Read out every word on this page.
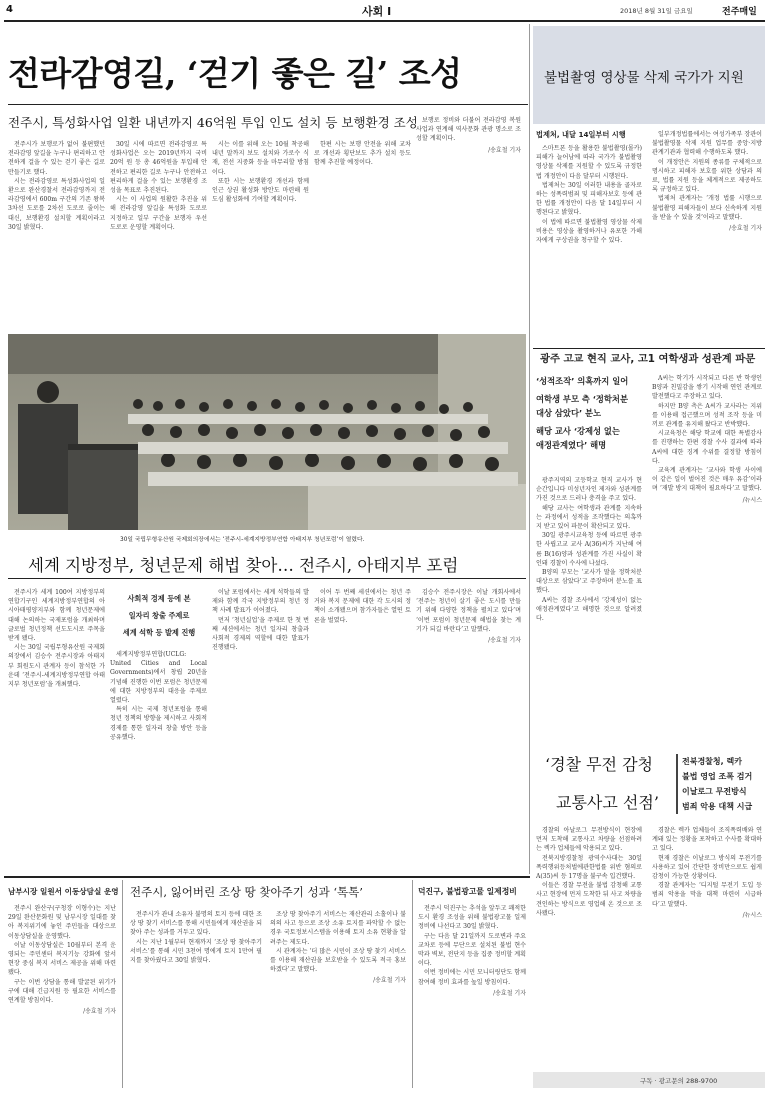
4	사회 I	2018년 8월 31일 금요일	전주매일
전라감영길, ‘걷기 좋은 길’ 조성
전주시, 특성화사업 일환 내년까지 46억원 투입 인도 설치 등 보행환경 조성

전주시가 보행로가 없어 불편했던 전라감영 앞길을 누구나 편리하고 안전하게 걸을 수 있는 걷기 좋은 길로 만들기로 했다.

시는 전라감영로 특성화사업의 일환으로 완산경찰서 전라감영까지 전라감영에서 600m 구간의 기존 왕복 3차선 도로를 2차선 도로로 줄이는 대신, 보행환경 설치할 계획이라고 30일 밝혔다.

30일 시에 따르면 전라감영로 특성화사업은 오는 2019년까지 국비 20억 원 등 총 46억원을 투입해 안전하고 편리한 길로 누구나 안전하고 편리하게 걸을 수 있는 보행환경 조성을 목표로 추진된다.

시는 이 사업의 원활한 추진을 위해 전라감영 앞길을 특성화 도로로 지정하고 일부 구간을 보행자 우선 도로로 운영할 계획이다.

시는 이를 위해 오는 10월 착공해 내년 말까지 보도 설치와 가로수 식재, 전선 지중화 등을 마무리할 방침이다.

또한 시는 보행환경 개선과 함께 인근 상권 활성화 방안도 마련해 원도심 활성화에 기여할 계획이다.

한편 시는 보행 안전을 위해 교차로 개선과 횡단보도 추가 설치 등도 함께 추진할 예정이다.

보행로 정비와 더불어 전라감영 복원 사업과 연계해 역사문화 관광 명소로 조성할 계획이다.

/송효철 기자
30일 국립무형유산원 국제회의장에서는 ‘전주시-세계지방정부연합 아태지부 청년포럼’이 열렸다.
세계 지방정부, 청년문제 해법 찾아… 전주시, 아태지부 포럼

전주시가 세계 100여 지방정부의 연합기구인 세계지방정부연합의 아시아태평양지부와 함께 청년문제에 대해 논의하는 국제포럼을 개최하며 글로벌 청년정책 선도도시로 주목을 받게 됐다.

시는 30일 국립무형유산원 국제회의장에서 김승수 전주시장과 아태지부 회원도시 관계자 등이 참석한 가운데 ‘전주시-세계지방정부연합 아태지부 청년포럼’을 개최했다.

사회적 경제 등에 본
일자리 창출 주제로
세계 석학 등 발제 진행

세계지방정부연합(UCLG: United Cities and Local Governments)에서 창립 20년을 기념해 진행한 이번 포럼은 청년문제에 대한 지방정부의 대응을 주제로 열렸다.

특히 시는 국제 청년포럼을 통해 청년 정책의 방향을 제시하고 사회적 경제를 통한 일자리 창출 방안 등을 공유했다.

이날 포럼에서는 세계 석학들의 발제와 함께 각국 지방정부의 청년 정책 사례 발표가 이어졌다.

먼저 ‘청년실업’을 주제로 한 첫 번째 세션에서는 청년 일자리 창출과 사회적 경제의 역할에 대한 발표가 진행됐다.

이어 두 번째 세션에서는 청년 주거와 복지 문제에 대한 각 도시의 정책이 소개됐으며 참가자들은 열띤 토론을 벌였다.

김승수 전주시장은 이날 개회사에서 ‘전주는 청년이 살기 좋은 도시를 만들기 위해 다양한 정책을 펼치고 있다’며 ‘이번 포럼이 청년문제 해법을 찾는 계기가 되길 바란다’고 말했다.

/송효철 기자
불법촬영 영상물 삭제 국가가 지원
법제처, 내달 14일부터 시행

스마트폰 등을 활용한 불법촬영(몰카) 피해가 늘어남에 따라 국가가 불법촬영 영상물 삭제를 지원할 수 있도록 규정한 법 개정안이 다음 달부터 시행된다.

법제처는 30일 이러한 내용을 골자로 하는 성폭력범죄 및 피해자보호 등에 관한 법률 개정안이 다음 달 14일부터 시행된다고 밝혔다.

이 법에 따르면 불법촬영 영상물 삭제 비용은 영상을 촬영하거나 유포한 가해자에게 구상권을 청구할 수 있다.

일부개정법률에서는 여성가족부 장관이 불법촬영물 삭제 지원 업무를 중앙·지방 관계기관과 협력해 수행하도록 했다.

이 개정안은 지원의 종류를 구체적으로 명시하고 피해자 보호를 위한 상담과 의료, 법률 지원 등을 체계적으로 제공하도록 규정하고 있다.

법제처 관계자는 ‘개정 법률 시행으로 불법촬영 피해자들이 보다 신속하게 지원을 받을 수 있을 것’이라고 말했다.

/송효철 기자
광주 고교 현직 교사, 고1 여학생과 성관계 파문
‘성적조작’ 의혹까지 일어
여학생 부모 측 ‘정학처분
대상 삼았다’ 분노
해당 교사 ‘강제성 없는
애정관계였다’ 해명

광주지역의 고등학교 현직 교사가 현순간입니다 미성년자인 제자와 성관계를 가진 것으로 드러나 충격을 주고 있다.

해당 교사는 여학생과 관계를 지속하는 과정에서 성적을 조작했다는 의혹까지 받고 있어 파문이 확산되고 있다.

30일 광주시교육청 등에 따르면 광주 한 사립고교 교사 A(36)씨가 지난해 여름 B(16)양과 성관계를 가진 사실이 확인돼 경찰이 수사에 나섰다.

B양의 부모는 ‘교사가 딸을 정학처분 대상으로 삼았다’고 주장하며 분노를 표했다.

A씨는 경찰 조사에서 ‘강제성이 없는 애정관계였다’고 해명한 것으로 알려졌다.

A씨는 학기가 시작되고 다른 반 학생인 B양과 친밀감을 쌓기 시작해 연인 관계로 발전했다고 주장하고 있다.

하지만 B양 측은 A씨가 교사라는 지위를 이용해 접근했으며 성적 조작 등을 미끼로 관계를 유지해 왔다고 반박했다.

시교육청은 해당 학교에 대한 특별감사를 진행하는 한편 경찰 수사 결과에 따라 A씨에 대한 징계 수위를 결정할 방침이다.

교육계 관계자는 ‘교사와 학생 사이에 이 같은 일이 벌어진 것은 매우 유감’이라며 ‘재발 방지 대책이 필요하다’고 말했다.

/뉴시스
‘경찰 무전 감청
교통사고 선점’
전북경찰청, 렉카
불법 영업 조폭 검거
이날로그 무전방식
범죄 악용 대책 시급

경찰의 아날로그 무전방식이 현장에 먼저 도착해 교통사고 차량을 선점하려는 렉카 업체들에 악용되고 있다.

전북지방경찰청 광역수사대는 30일 폭력행위등처벌에관한법률 위반 혐의로 A(35)씨 등 17명을 불구속 입건했다.

이들은 경찰 무전을 불법 감청해 교통사고 현장에 먼저 도착한 뒤 사고 차량을 견인하는 방식으로 영업해 온 것으로 조사됐다.

경찰은 렉카 업체들이 조직폭력배와 연계돼 있는 정황을 포착하고 수사를 확대하고 있다.

현재 경찰은 이날로그 방식의 무전기를 사용하고 있어 간단한 장비만으로도 쉽게 감청이 가능한 상황이다.

경찰 관계자는 ‘디지털 무전기 도입 등 범죄 악용을 막을 대책 마련이 시급하다’고 말했다.

/뉴시스
남부시장 일원서 이동상담실 운영

전주시 완산구(구청장 이형수)는 지난 29일 완산문화원 및 남부시장 일대를 찾아 복지위기에 놓인 주민들을 대상으로 이동상담실을 운영했다.

이날 이동상담실은 10월부터 본격 운영되는 주민센터 복지기능 강화에 앞서 현장 중심 복지 서비스 제공을 위해 마련됐다.

구는 이번 상담을 통해 발굴된 위기가구에 대해 긴급지원 등 필요한 서비스를 연계할 방침이다.

/송효철 기자
전주시, 잃어버린 조상 땅 찾아주기 성과 ‘톡톡’

전주시가 관내 소유자 불명의 토지 등에 대한 조상 땅 찾기 서비스를 통해 시민들에게 재산권을 되찾아 주는 성과를 거두고 있다.

시는 지난 1월부터 현재까지 ‘조상 땅 찾아주기 서비스’를 통해 시민 3천여 명에게 토지 1만여 필지를 찾아줬다고 30일 밝혔다.

조상 땅 찾아주기 서비스는 재산관리 소홀이나 불의의 사고 등으로 조상 소유 토지를 파악할 수 없는 경우 국토정보시스템을 이용해 토지 소유 현황을 알려주는 제도다.

시 관계자는 ‘더 많은 시민이 조상 땅 찾기 서비스를 이용해 재산권을 보호받을 수 있도록 적극 홍보하겠다’고 말했다.

/송효철 기자
덕진구, 불법광고물 일제정비

전주시 덕진구는 추석을 앞두고 쾌적한 도시 환경 조성을 위해 불법광고물 일제정비에 나선다고 30일 밝혔다.

구는 다음 달 21일까지 도로변과 주요 교차로 등에 무단으로 설치된 불법 현수막과 벽보, 전단지 등을 집중 정비할 계획이다.

이번 정비에는 시민 모니터링단도 함께 참여해 정비 효과를 높일 방침이다.

/송효철 기자
구독 · 광고문의 288-9700
